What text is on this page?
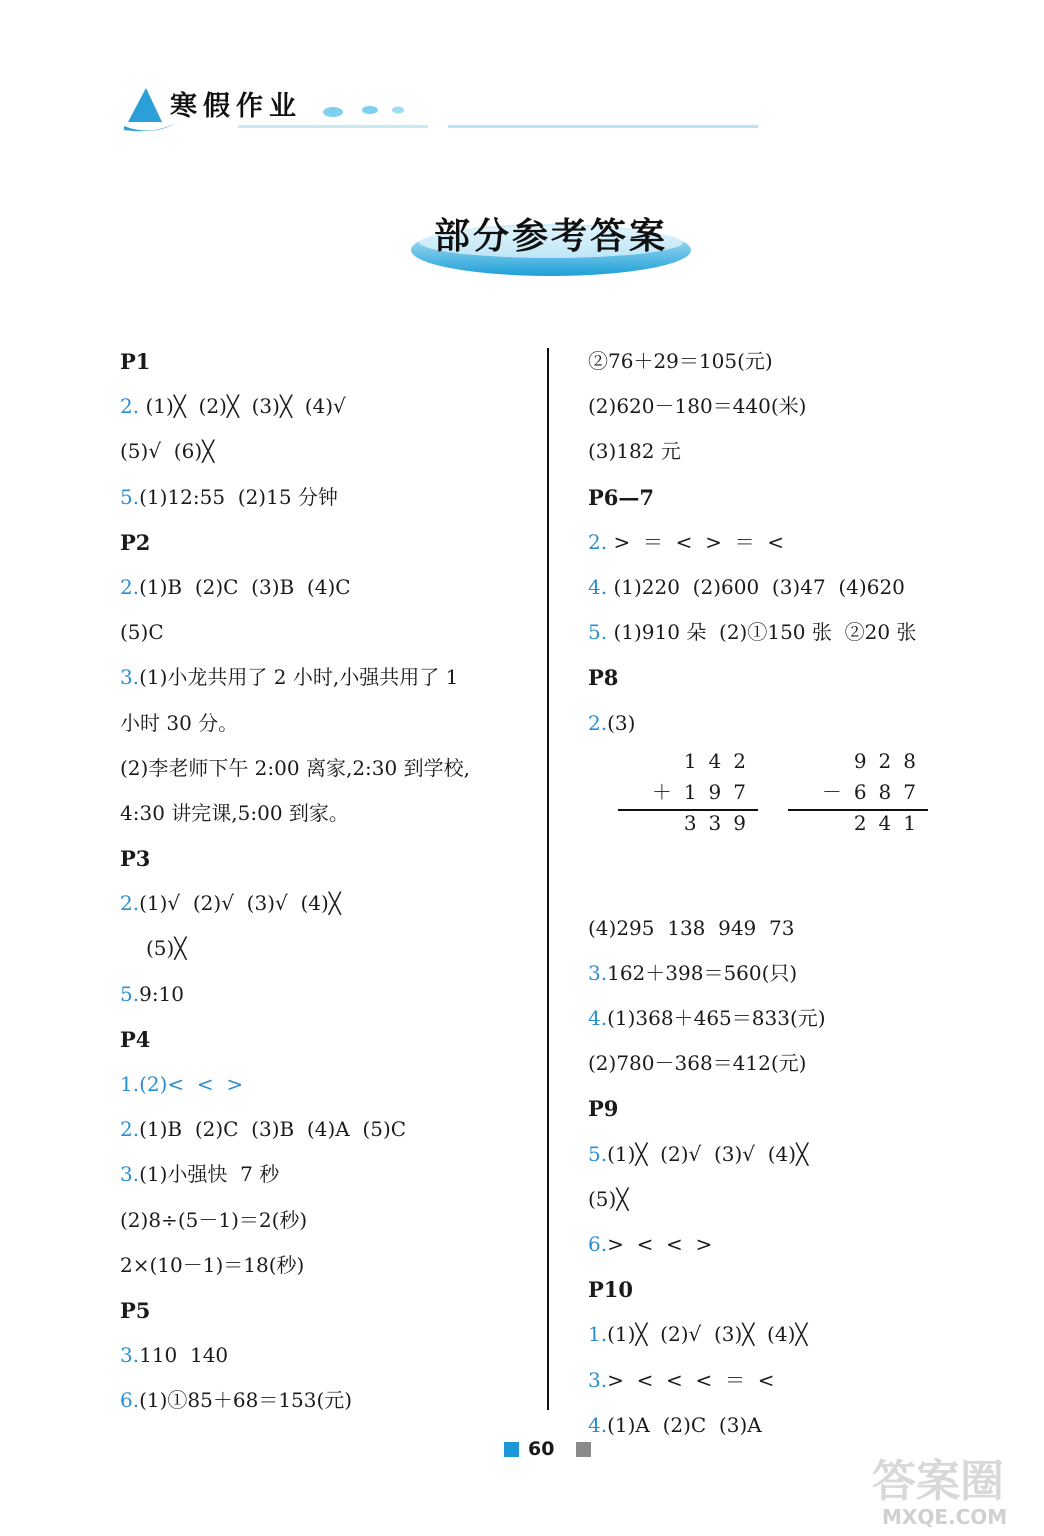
寒假作业
部分参考答案
P1
2. (1)╳  (2)╳  (3)╳  (4)√
(5)√  (6)╳
5.(1)12:55  (2)15 分钟
P2
2.(1)B  (2)C  (3)B  (4)C
(5)C
3.(1)小龙共用了 2 小时,小强共用了 1
小时 30 分。
(2)李老师下午 2:00 离家,2:30 到学校,
4:30 讲完课,5:00 到家。
P3
2.(1)√  (2)√  (3)√  (4)╳
(5)╳
5.9:10
P4
1.(2)<  <  >
2.(1)B  (2)C  (3)B  (4)A  (5)C
3.(1)小强快  7 秒
(2)8÷(5－1)＝2(秒)
2×(10－1)＝18(秒)
P5
3.110  140
6.(1)①85＋68＝153(元)
②76＋29＝105(元)
(2)620－180＝440(米)
(3)182 元
P6—7
2. >  ＝  <  >  ＝  <
4. (1)220  (2)600  (3)47  (4)620
5. (1)910 朵  (2)①150 张  ②20 张
P8
2.(3)
142
＋197
339
928
－687
241
(4)295  138  949  73
3.162＋398＝560(只)
4.(1)368＋465＝833(元)
(2)780－368＝412(元)
P9
5.(1)╳  (2)√  (3)√  (4)╳
(5)╳
6.>  <  <  >
P10
1.(1)╳  (2)√  (3)╳  (4)╳
3.>  <  <  <  ＝  <
4.(1)A  (2)C  (3)A
60
答案圈
MXQE.COM
